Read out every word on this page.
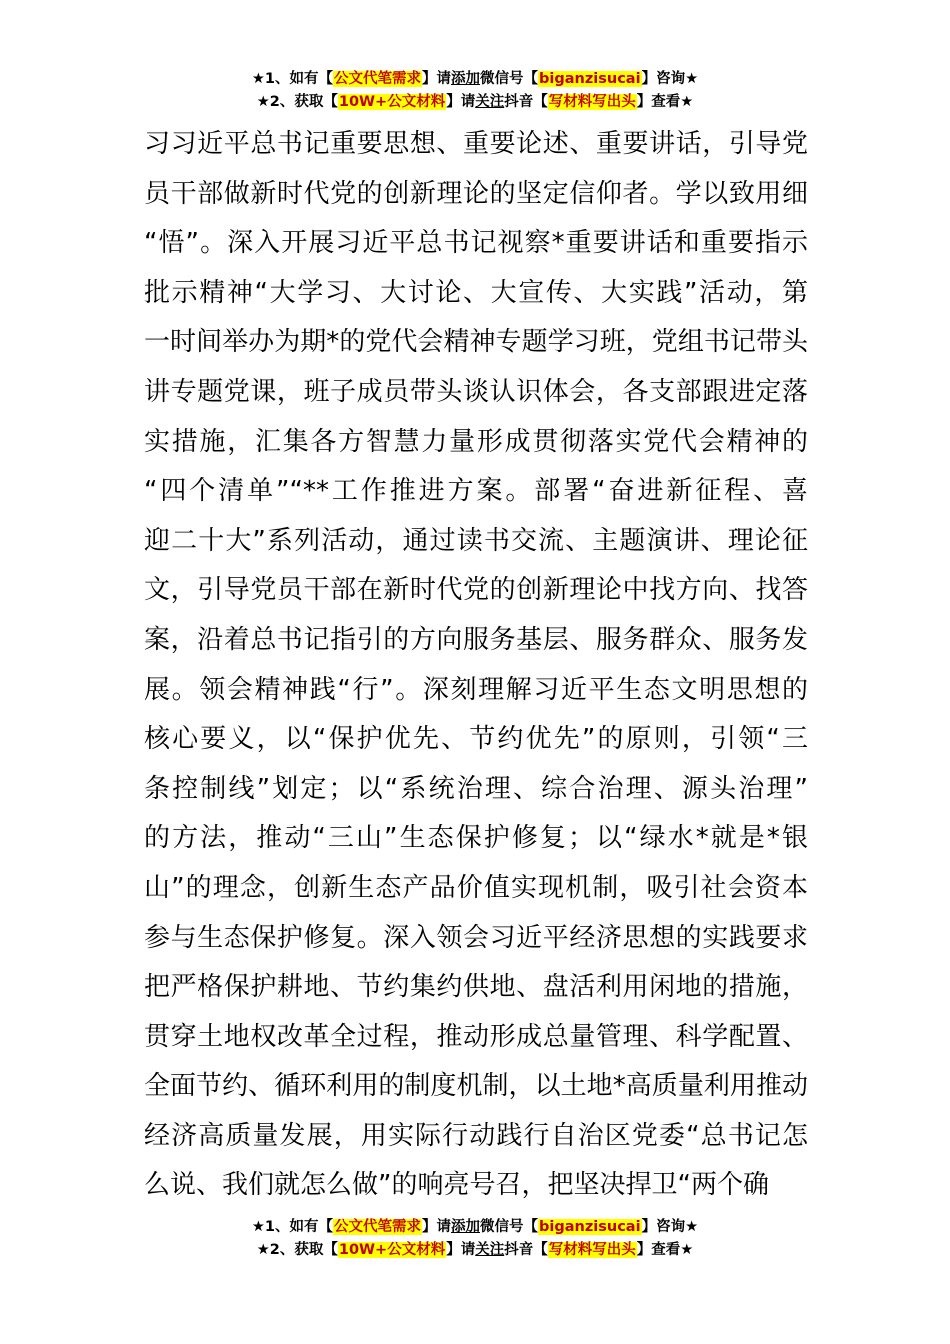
★1、如有【公文代笔需求】请添加微信号【biganzisucai】咨询★
★2、获取【10W+公文材料】请关注抖音【写材料写出头】查看★
习习近平总书记重要思想、重要论述、重要讲话，引导党
员干部做新时代党的创新理论的坚定信仰者。学以致用细
“悟”。深入开展习近平总书记视察*重要讲话和重要指示
批示精神“大学习、大讨论、大宣传、大实践”活动，第
一时间举办为期*的党代会精神专题学习班，党组书记带头
讲专题党课，班子成员带头谈认识体会，各支部跟进定落
实措施，汇集各方智慧力量形成贯彻落实党代会精神的
“四个清单”“**工作推进方案。部署“奋进新征程、喜
迎二十大”系列活动，通过读书交流、主题演讲、理论征
文，引导党员干部在新时代党的创新理论中找方向、找答
案，沿着总书记指引的方向服务基层、服务群众、服务发
展。领会精神践“行”。深刻理解习近平生态文明思想的
核心要义，以“保护优先、节约优先”的原则，引领“三
条控制线”划定；以“系统治理、综合治理、源头治理”
的方法，推动“三山”生态保护修复；以“绿水*就是*银
山”的理念，创新生态产品价值实现机制，吸引社会资本
参与生态保护修复。深入领会习近平经济思想的实践要求
把严格保护耕地、节约集约供地、盘活利用闲地的措施，
贯穿土地权改革全过程，推动形成总量管理、科学配置、
全面节约、循环利用的制度机制，以土地*高质量利用推动
经济高质量发展，用实际行动践行自治区党委“总书记怎
么说、我们就怎么做”的响亮号召，把坚决捍卫“两个确
★1、如有【公文代笔需求】请添加微信号【biganzisucai】咨询★
★2、获取【10W+公文材料】请关注抖音【写材料写出头】查看★
